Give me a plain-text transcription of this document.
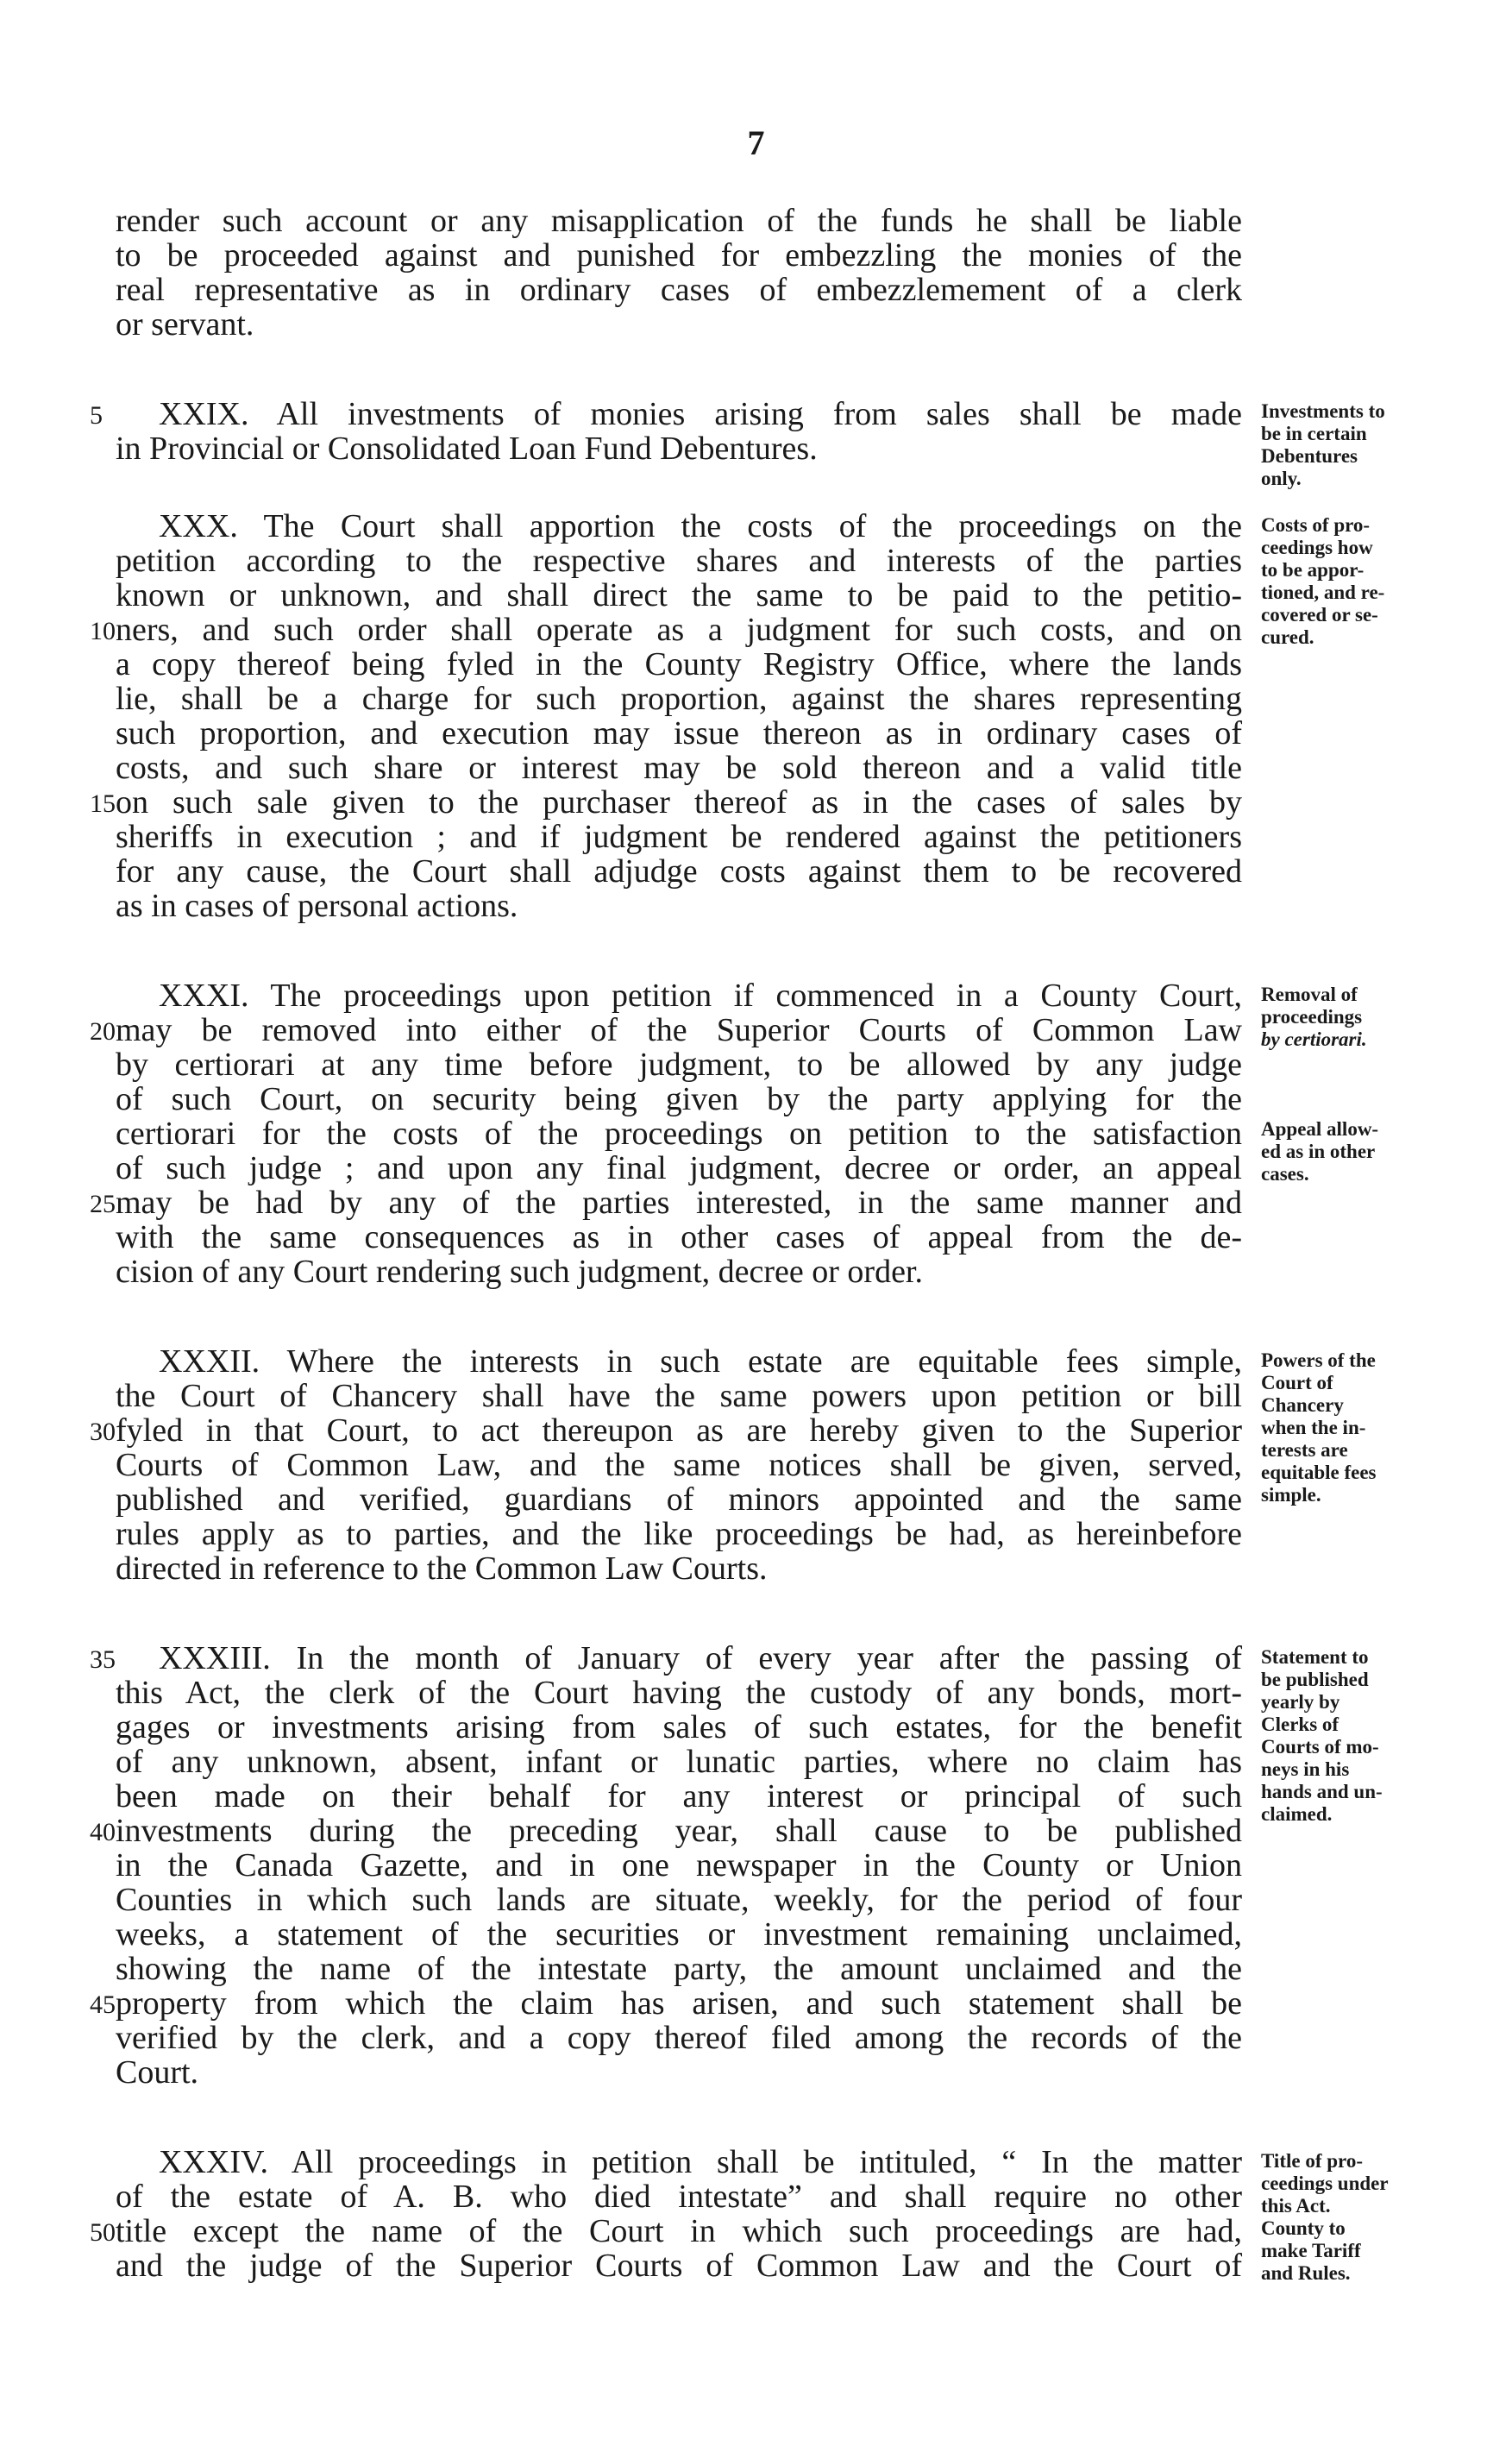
7
render such account or any misapplication of the funds he shall be liable
to be proceeded against and punished for embezzling the monies of the
real representative as in ordinary cases of embezzlemement of a clerk
or servant.
XXIX. All investments of monies arising from sales shall be made
in Provincial or Consolidated Loan Fund Debentures.
XXX. The Court shall apportion the costs of the proceedings on the
petition according to the respective shares and interests of the parties
known or unknown, and shall direct the same to be paid to the petitio-
ners, and such order shall operate as a judgment for such costs, and on
a copy thereof being fyled in the County Registry Office, where the lands
lie, shall be a charge for such proportion, against the shares representing
such proportion, and execution may issue thereon as in ordinary cases of
costs, and such share or interest may be sold thereon and a valid title
on such sale given to the purchaser thereof as in the cases of sales by
sheriffs in execution ; and if judgment be rendered against the petitioners
for any cause, the Court shall adjudge costs against them to be recovered
as in cases of personal actions.
XXXI. The proceedings upon petition if commenced in a County Court,
may be removed into either of the Superior Courts of Common Law
by certiorari at any time before judgment, to be allowed by any judge
of such Court, on security being given by the party applying for the
certiorari for the costs of the proceedings on petition to the satisfaction
of such judge ; and upon any final judgment, decree or order, an appeal
may be had by any of the parties interested, in the same manner and
with the same consequences as in other cases of appeal from the de-
cision of any Court rendering such judgment, decree or order.
XXXII. Where the interests in such estate are equitable fees simple,
the Court of Chancery shall have the same powers upon petition or bill
fyled in that Court, to act thereupon as are hereby given to the Superior
Courts of Common Law, and the same notices shall be given, served,
published and verified, guardians of minors appointed and the same
rules apply as to parties, and the like proceedings be had, as hereinbefore
directed in reference to the Common Law Courts.
XXXIII. In the month of January of every year after the passing of
this Act, the clerk of the Court having the custody of any bonds, mort-
gages or investments arising from sales of such estates, for the benefit
of any unknown, absent, infant or lunatic parties, where no claim has
been made on their behalf for any interest or principal of such
investments during the preceding year, shall cause to be published
in the Canada Gazette, and in one newspaper in the County or Union
Counties in which such lands are situate, weekly, for the period of four
weeks, a statement of the securities or investment remaining unclaimed,
showing the name of the intestate party, the amount unclaimed and the
property from which the claim has arisen, and such statement shall be
verified by the clerk, and a copy thereof filed among the records of the
Court.
XXXIV. All proceedings in petition shall be intituled, “ In the matter
of the estate of A. B. who died intestate” and shall require no other
title except the name of the Court in which such proceedings are had,
and the judge of the Superior Courts of Common Law and the Court of
5
10
15
20
25
30
35
40
45
50
Investments to
be in certain
Debentures
only.
Costs of pro-
ceedings how
to be appor-
tioned, and re-
covered or se-
cured.
Removal of
proceedings
by certiorari.
Appeal allow-
ed as in other
cases.
Powers of the
Court of
Chancery
when the in-
terests are
equitable fees
simple.
Statement to
be published
yearly by
Clerks of
Courts of mo-
neys in his
hands and un-
claimed.
Title of pro-
ceedings under
this Act.
County to
make Tariff
and Rules.
